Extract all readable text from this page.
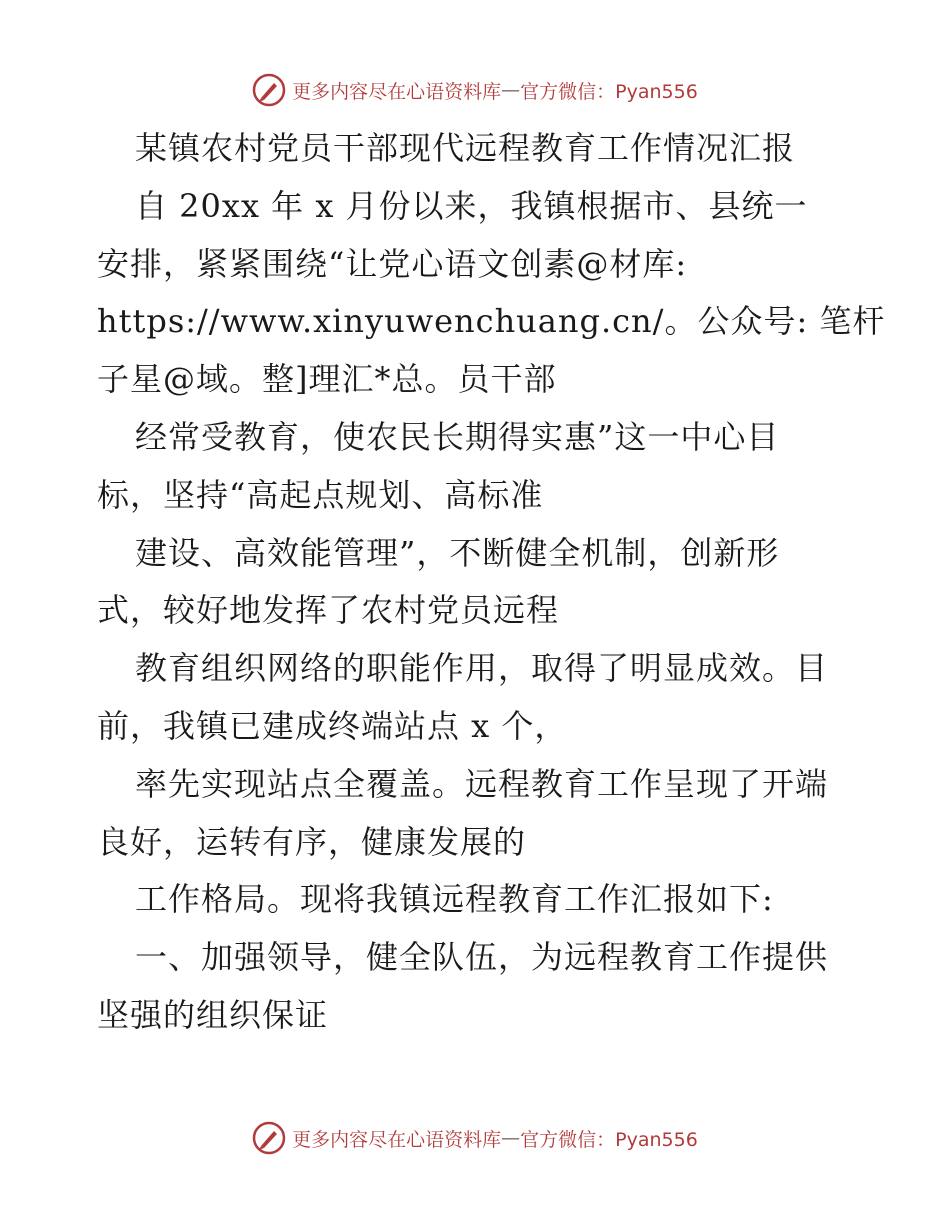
更多内容尽在心语资料库 — 官方微信：Pyan556
某镇农村党员干部现代远程教育工作情况汇报
自 20xx 年 x 月份以来，我镇根据市、县统一
安排，紧紧围绕“让党心语文创素@材库:
https://www.xinyuwenchuang.cn/。公众号: 笔杆
子星@域。整]理汇*总。员干部
经常受教育，使农民长期得实惠”这一中心目
标，坚持“高起点规划、高标准
建设、高效能管理”，不断健全机制，创新形
式，较好地发挥了农村党员远程
教育组织网络的职能作用，取得了明显成效。目
前，我镇已建成终端站点 x 个，
率先实现站点全覆盖。远程教育工作呈现了开端
良好，运转有序，健康发展的
工作格局。现将我镇远程教育工作汇报如下:
一、加强领导，健全队伍，为远程教育工作提供
坚强的组织保证
更多内容尽在心语资料库 — 官方微信：Pyan556
